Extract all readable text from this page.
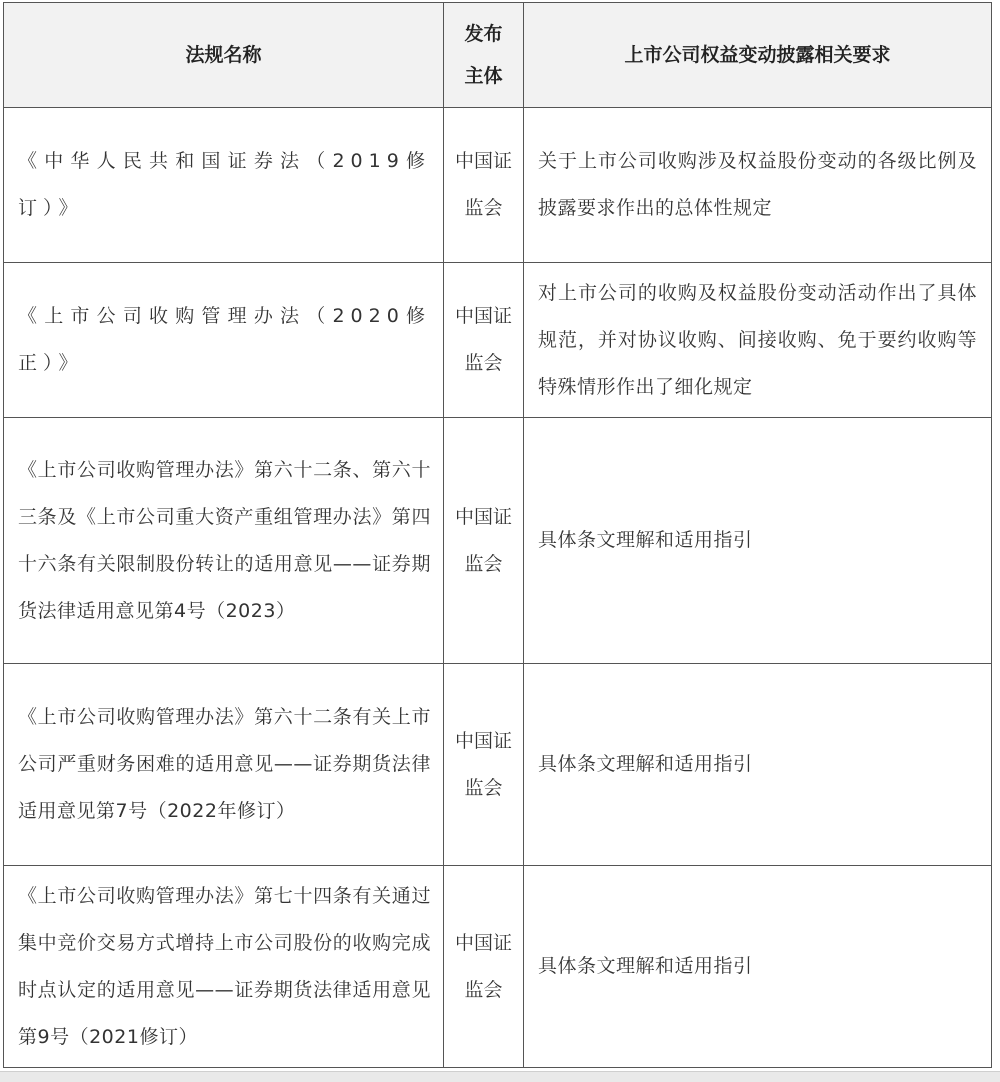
法规名称	发布主体	上市公司权益变动披露相关要求
《中华人民共和国证券法（2019修订）》	中国证监会	关于上市公司收购涉及权益股份变动的各级比例及披露要求作出的总体性规定
《上市公司收购管理办法（2020修正）》	中国证监会	对上市公司的收购及权益股份变动活动作出了具体规范，并对协议收购、间接收购、免于要约收购等特殊情形作出了细化规定
《上市公司收购管理办法》第六十二条、第六十三条及《上市公司重大资产重组管理办法》第四十六条有关限制股份转让的适用意见——证券期货法律适用意见第4号（2023）	中国证监会	具体条文理解和适用指引
《上市公司收购管理办法》第六十二条有关上市公司严重财务困难的适用意见——证券期货法律适用意见第7号（2022年修订）	中国证监会	具体条文理解和适用指引
《上市公司收购管理办法》第七十四条有关通过集中竞价交易方式增持上市公司股份的收购完成时点认定的适用意见——证券期货法律适用意见第9号（2021修订）	中国证监会	具体条文理解和适用指引
